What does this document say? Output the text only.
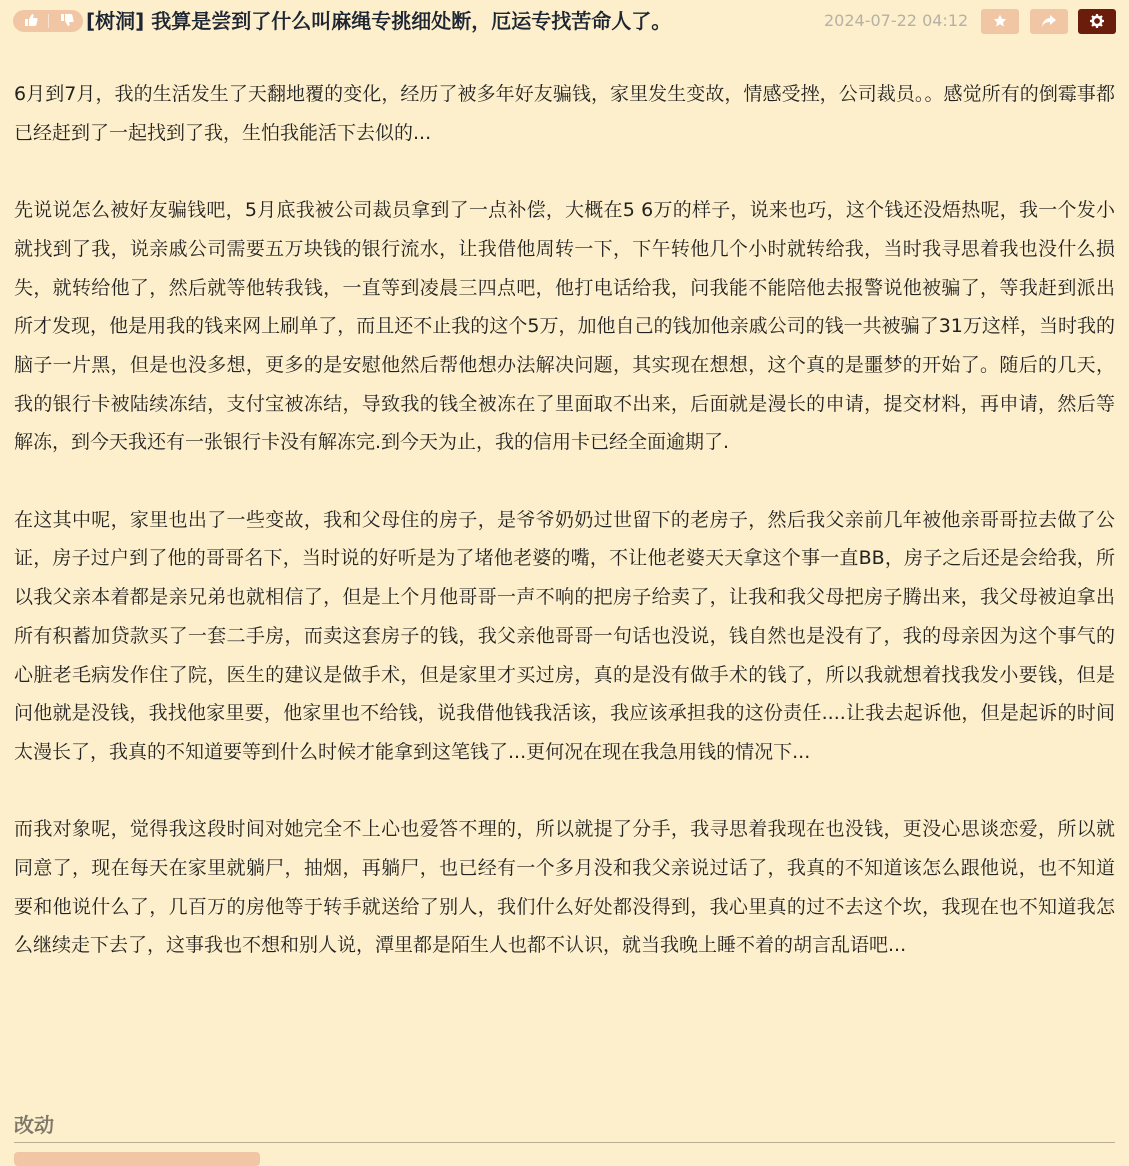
[树洞] 我算是尝到了什么叫麻绳专挑细处断，厄运专找苦命人了。	2024-07-22 04:12

6月到7月，我的生活发生了天翻地覆的变化，经历了被多年好友骗钱，家里发生变故，情感受挫，公司裁员。。感觉所有的倒霉事都已经赶到了一起找到了我，生怕我能活下去似的...

先说说怎么被好友骗钱吧，5月底我被公司裁员拿到了一点补偿，大概在5 6万的样子，说来也巧，这个钱还没焐热呢，我一个发小就找到了我，说亲戚公司需要五万块钱的银行流水，让我借他周转一下，下午转他几个小时就转给我，当时我寻思着我也没什么损失，就转给他了，然后就等他转我钱，一直等到凌晨三四点吧，他打电话给我，问我能不能陪他去报警说他被骗了，等我赶到派出所才发现，他是用我的钱来网上刷单了，而且还不止我的这个5万，加他自己的钱加他亲戚公司的钱一共被骗了31万这样，当时我的脑子一片黑，但是也没多想，更多的是安慰他然后帮他想办法解决问题，其实现在想想，这个真的是噩梦的开始了。随后的几天，我的银行卡被陆续冻结，支付宝被冻结，导致我的钱全被冻在了里面取不出来，后面就是漫长的申请，提交材料，再申请，然后等解冻，到今天我还有一张银行卡没有解冻完.到今天为止，我的信用卡已经全面逾期了.

在这其中呢，家里也出了一些变故，我和父母住的房子，是爷爷奶奶过世留下的老房子，然后我父亲前几年被他亲哥哥拉去做了公证，房子过户到了他的哥哥名下，当时说的好听是为了堵他老婆的嘴，不让他老婆天天拿这个事一直BB，房子之后还是会给我，所以我父亲本着都是亲兄弟也就相信了，但是上个月他哥哥一声不响的把房子给卖了，让我和我父母把房子腾出来，我父母被迫拿出所有积蓄加贷款买了一套二手房，而卖这套房子的钱，我父亲他哥哥一句话也没说，钱自然也是没有了，我的母亲因为这个事气的心脏老毛病发作住了院，医生的建议是做手术，但是家里才买过房，真的是没有做手术的钱了，所以我就想着找我发小要钱，但是问他就是没钱，我找他家里要，他家里也不给钱，说我借他钱我活该，我应该承担我的这份责任....让我去起诉他，但是起诉的时间太漫长了，我真的不知道要等到什么时候才能拿到这笔钱了...更何况在现在我急用钱的情况下...

而我对象呢，觉得我这段时间对她完全不上心也爱答不理的，所以就提了分手，我寻思着我现在也没钱，更没心思谈恋爱，所以就同意了，现在每天在家里就躺尸，抽烟，再躺尸，也已经有一个多月没和我父亲说过话了，我真的不知道该怎么跟他说，也不知道要和他说什么了，几百万的房他等于转手就送给了别人，我们什么好处都没得到，我心里真的过不去这个坎，我现在也不知道我怎么继续走下去了，这事我也不想和别人说，潭里都是陌生人也都不认识，就当我晚上睡不着的胡言乱语吧...

改动
